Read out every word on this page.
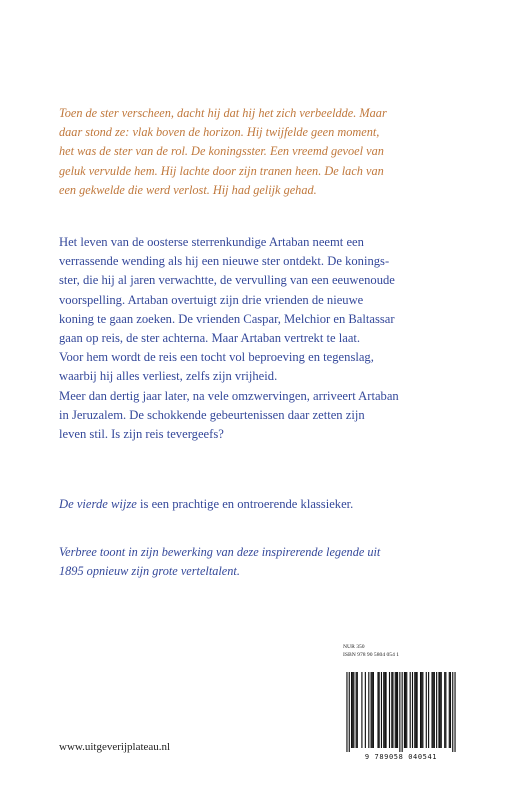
Toen de ster verscheen, dacht hij dat hij het zich verbeeldde. Maar

daar stond ze: vlak boven de horizon. Hij twijfelde geen moment,

het was de ster van de rol. De koningsster. Een vreemd gevoel van

geluk vervulde hem. Hij lachte door zijn tranen heen. De lach van

een gekwelde die werd verlost. Hij had gelijk gehad.

Het leven van de oosterse sterrenkundige Artaban neemt een
verrassende wending als hij een nieuwe ster ontdekt. De konings-
ster, die hij al jaren verwachtte, de vervulling van een eeuwenoude
voorspelling. Artaban overtuigt zijn drie vrienden de nieuwe
koning te gaan zoeken. De vrienden Caspar, Melchior en Baltassar
gaan op reis, de ster achterna. Maar Artaban vertrekt te laat.
Voor hem wordt de reis een tocht vol beproeving en tegenslag,
waarbij hij alles verliest, zelfs zijn vrijheid.
Meer dan dertig jaar later, na vele omzwervingen, arriveert Artaban
in Jeruzalem. De schokkende gebeurtenissen daar zetten zijn
leven stil. Is zijn reis tevergeefs?
De vierde wijze is een prachtige en ontroerende klassieker.
Verbree toont in zijn bewerking van deze inspirerende legende uit
1895 opnieuw zijn grote verteltalent.
NUR 350
ISBN 978 90 5804 054 1
9 789058 040541
www.uitgeverijplateau.nl
